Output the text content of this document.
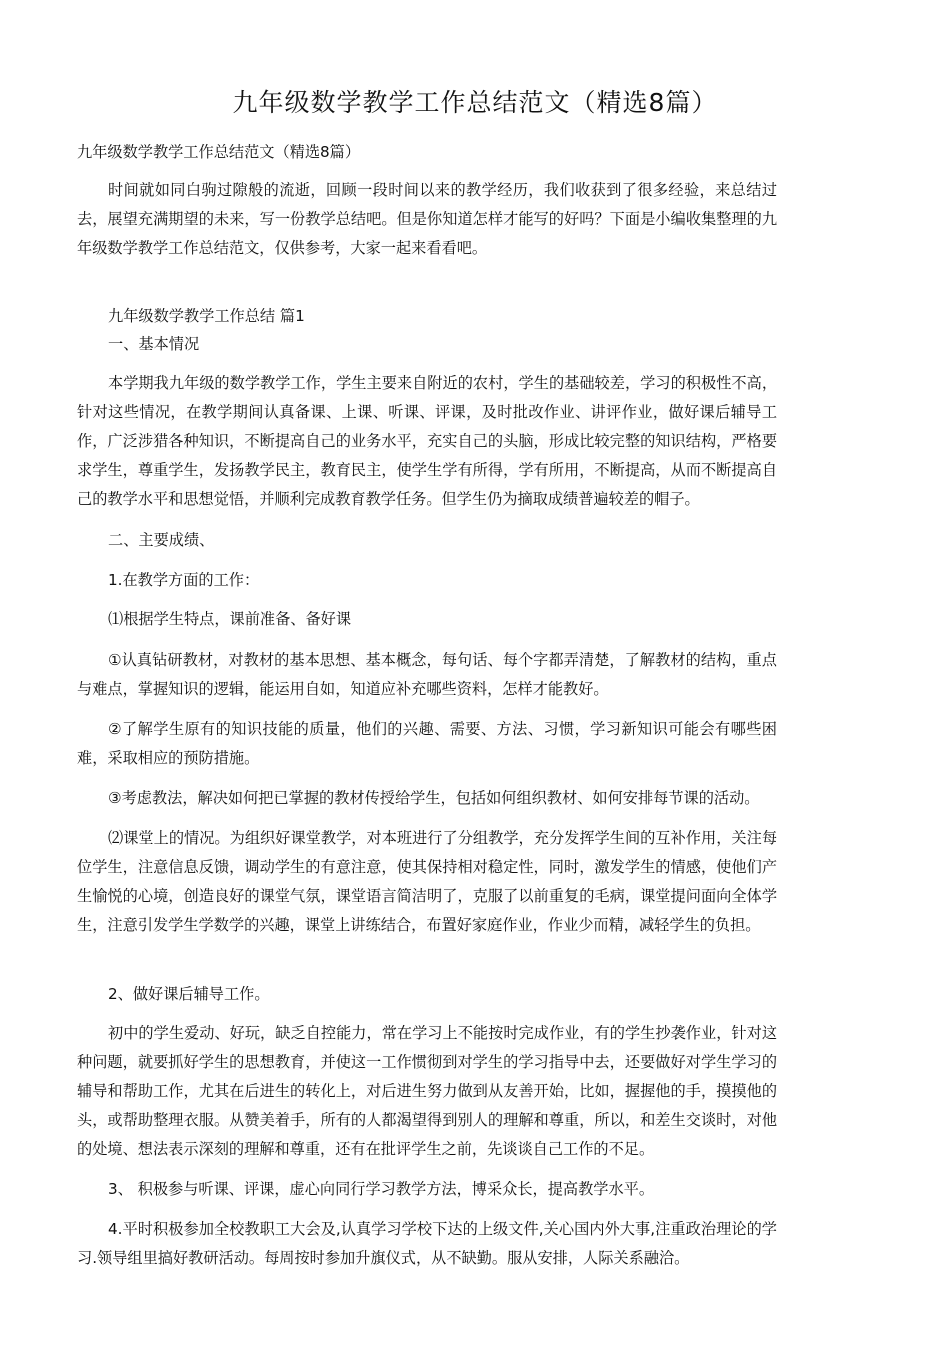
九年级数学教学工作总结范文（精选8篇）

九年级数学教学工作总结范文（精选8篇）

时间就如同白驹过隙般的流逝，回顾一段时间以来的教学经历，我们收获到了很多经验，来总结过去，展望充满期望的未来，写一份教学总结吧。但是你知道怎样才能写的好吗？下面是小编收集整理的九年级数学教学工作总结范文，仅供参考，大家一起来看看吧。

九年级数学教学工作总结 篇1

一、基本情况

本学期我九年级的数学教学工作，学生主要来自附近的农村，学生的基础较差，学习的积极性不高，针对这些情况，在教学期间认真备课、上课、听课、评课，及时批改作业、讲评作业，做好课后辅导工作，广泛涉猎各种知识，不断提高自己的业务水平，充实自己的头脑，形成比较完整的知识结构，严格要求学生，尊重学生，发扬教学民主，教育民主，使学生学有所得，学有所用，不断提高，从而不断提高自己的教学水平和思想觉悟，并顺利完成教育教学任务。但学生仍为摘取成绩普遍较差的帽子。

二、主要成绩、

1.在教学方面的工作：

⑴根据学生特点，课前准备、备好课

①认真钻研教材，对教材的基本思想、基本概念，每句话、每个字都弄清楚，了解教材的结构，重点与难点，掌握知识的逻辑，能运用自如，知道应补充哪些资料，怎样才能教好。

②了解学生原有的知识技能的质量，他们的兴趣、需要、方法、习惯，学习新知识可能会有哪些困难，采取相应的预防措施。

③考虑教法，解决如何把已掌握的教材传授给学生，包括如何组织教材、如何安排每节课的活动。

⑵课堂上的情况。为组织好课堂教学，对本班进行了分组教学，充分发挥学生间的互补作用，关注每位学生，注意信息反馈，调动学生的有意注意，使其保持相对稳定性，同时，激发学生的情感，使他们产生愉悦的心境，创造良好的课堂气氛，课堂语言简洁明了，克服了以前重复的毛病，课堂提问面向全体学生，注意引发学生学数学的兴趣，课堂上讲练结合，布置好家庭作业，作业少而精，减轻学生的负担。

2、做好课后辅导工作。

初中的学生爱动、好玩，缺乏自控能力，常在学习上不能按时完成作业，有的学生抄袭作业，针对这种问题，就要抓好学生的思想教育，并使这一工作惯彻到对学生的学习指导中去，还要做好对学生学习的辅导和帮助工作，尤其在后进生的转化上，对后进生努力做到从友善开始，比如，握握他的手，摸摸他的头，或帮助整理衣服。从赞美着手，所有的人都渴望得到别人的理解和尊重，所以，和差生交谈时，对他的处境、想法表示深刻的理解和尊重，还有在批评学生之前，先谈谈自己工作的不足。

3、 积极参与听课、评课，虚心向同行学习教学方法，博采众长，提高教学水平。

4.平时积极参加全校教职工大会及,认真学习学校下达的上级文件,关心国内外大事,注重政治理论的学习.领导组里搞好教研活动。每周按时参加升旗仪式，从不缺勤。服从安排，人际关系融洽。
